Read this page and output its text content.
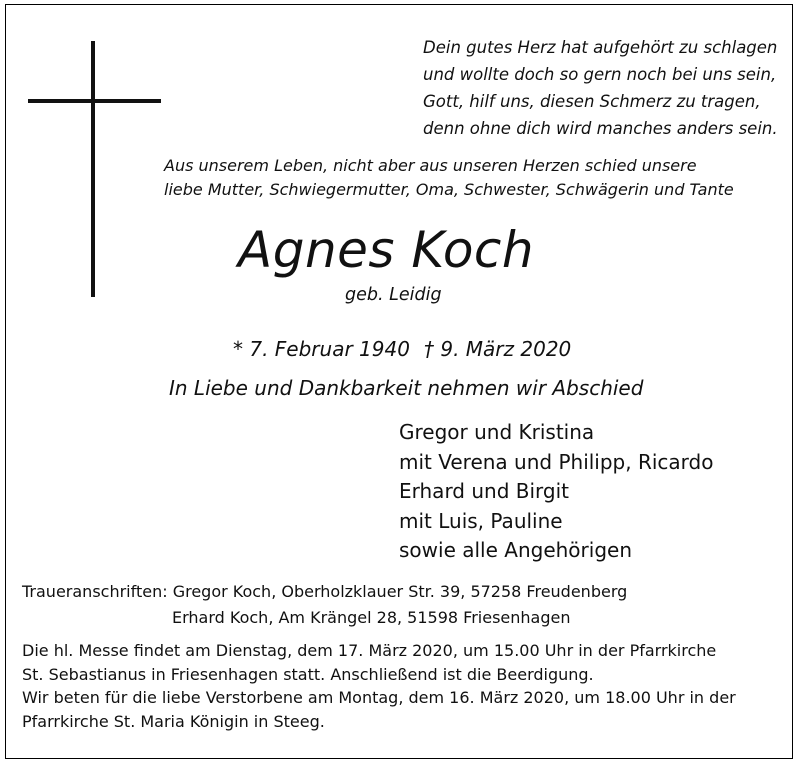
Dein gutes Herz hat aufgehört zu schlagen
und wollte doch so gern noch bei uns sein,
Gott, hilf uns, diesen Schmerz zu tragen,
denn ohne dich wird manches anders sein.
Aus unserem Leben, nicht aber aus unseren Herzen schied unsere
liebe Mutter, Schwiegermutter, Oma, Schwester, Schwägerin und Tante
Agnes Koch
geb. Leidig
* 7. Februar 1940 † 9. März 2020
In Liebe und Dankbarkeit nehmen wir Abschied
Gregor und Kristina
mit Verena und Philipp, Ricardo
Erhard und Birgit
mit Luis, Pauline
sowie alle Angehörigen
Traueranschriften: Gregor Koch, Oberholzklauer Str. 39, 57258 Freudenberg
Erhard Koch, Am Krängel 28, 51598 Friesenhagen
Die hl. Messe findet am Dienstag, dem 17. März 2020, um 15.00 Uhr in der Pfarrkirche
St. Sebastianus in Friesenhagen statt. Anschließend ist die Beerdigung.
Wir beten für die liebe Verstorbene am Montag, dem 16. März 2020, um 18.00 Uhr in der
Pfarrkirche St. Maria Königin in Steeg.
